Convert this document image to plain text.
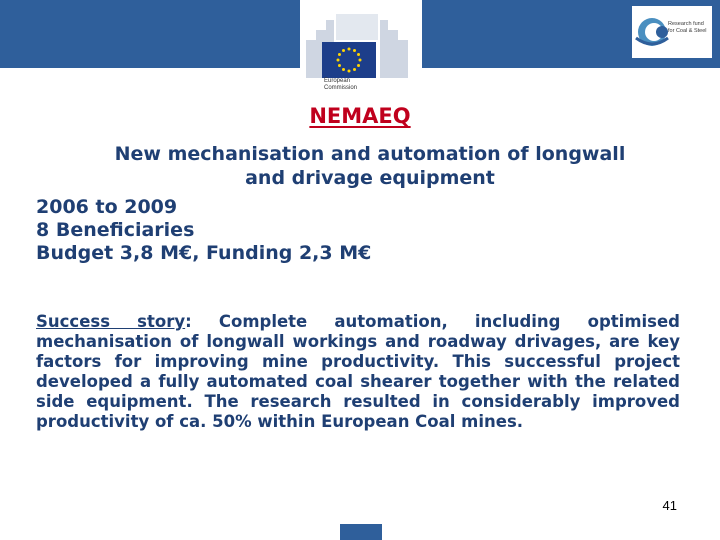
European
Commission
Research fund
for Coal & Steel
NEMAEQ
New mechanisation and automation of longwall
and drivage equipment
2006 to 2009
8 Beneficiaries
Budget 3,8 M€, Funding 2,3 M€
Success story: Complete automation, including optimised mechanisation of longwall workings and roadway drivages, are key factors for improving mine productivity. This successful project developed a fully automated coal shearer together with the related side equipment. The research resulted in considerably improved productivity of ca. 50% within European Coal mines.
41
